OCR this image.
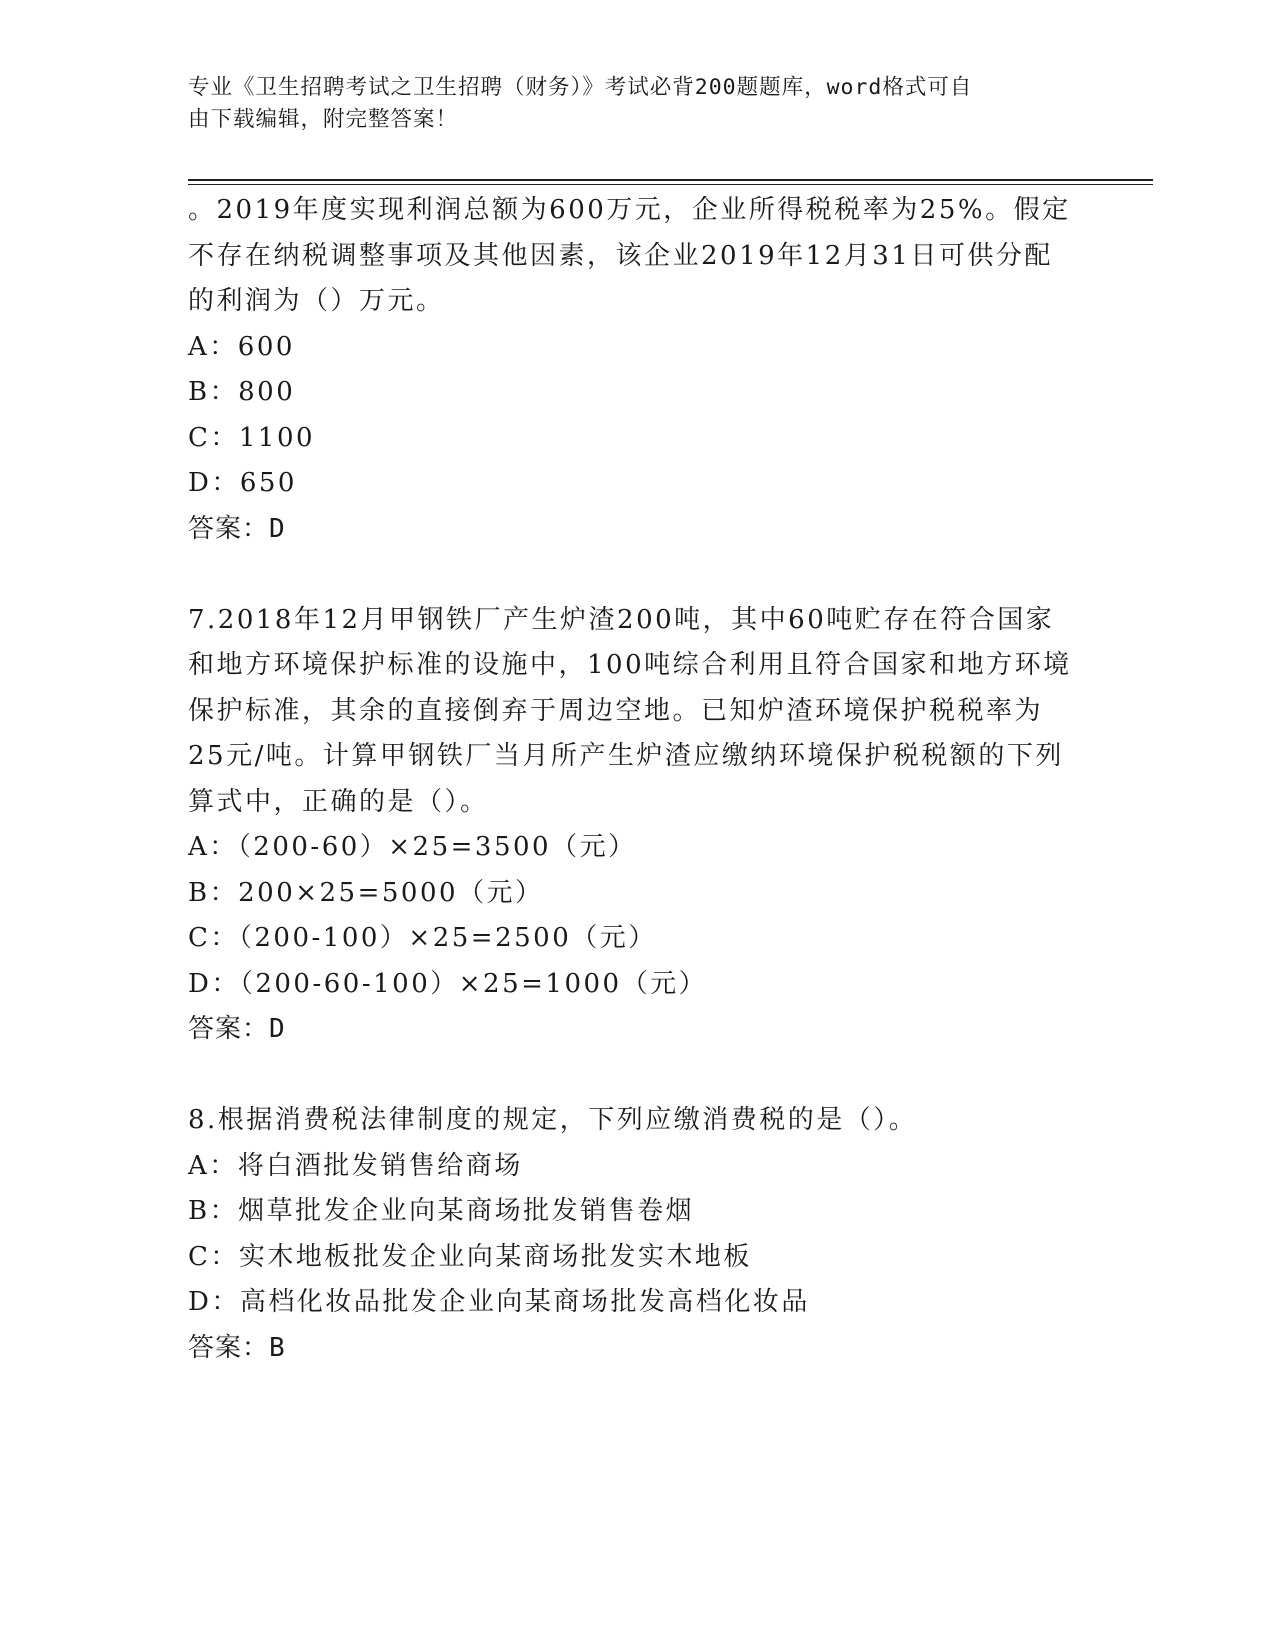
专业《卫生招聘考试之卫生招聘（财务）》考试必背200题题库，word格式可自
由下载编辑，附完整答案！
。2019年度实现利润总额为600万元，企业所得税税率为25%。假定
不存在纳税调整事项及其他因素，该企业2019年12月31日可供分配
的利润为（）万元。
A：600
B：800
C：1100
D：650
答案：D
7.2018年12月甲钢铁厂产生炉渣200吨，其中60吨贮存在符合国家
和地方环境保护标准的设施中，100吨综合利用且符合国家和地方环境
保护标准，其余的直接倒弃于周边空地。已知炉渣环境保护税税率为
25元/吨。计算甲钢铁厂当月所产生炉渣应缴纳环境保护税税额的下列
算式中，正确的是（）。
A：（200-60）×25=3500（元）
B：200×25=5000（元）
C：（200-100）×25=2500（元）
D：（200-60-100）×25=1000（元）
答案：D
8.根据消费税法律制度的规定，下列应缴消费税的是（）。
A：将白酒批发销售给商场
B：烟草批发企业向某商场批发销售卷烟
C：实木地板批发企业向某商场批发实木地板
D：高档化妆品批发企业向某商场批发高档化妆品
答案：B
